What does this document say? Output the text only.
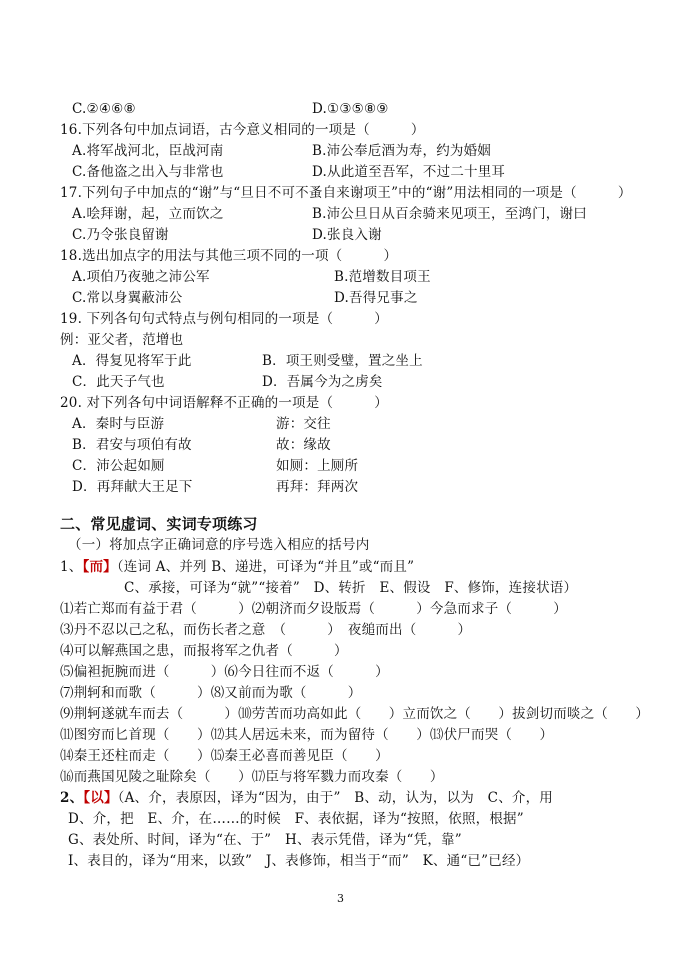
C.②④⑥⑧	D.①③⑤⑧⑨
16.下列各句中加点词语，古今意义相同的一项是（　　　）
A.将军战河北，臣战河南	B.沛公奉卮酒为寿，约为婚姻
C.备他盗之出入与非常也	D.从此道至吾军，不过二十里耳
17.下列句子中加点的“谢”与“旦日不可不蚤自来谢项王”中的“谢”用法相同的一项是（　　　）
A.哙拜谢，起，立而饮之	B.沛公旦日从百余骑来见项王，至鸿门，谢曰
C.乃令张良留谢	D.张良入谢
18.选出加点字的用法与其他三项不同的一项（　　　）
A.项伯乃夜驰之沛公军	B.范增数目项王
C.常以身翼蔽沛公	D.吾得兄事之
19. 下列各句句式特点与例句相同的一项是（　　　）
例：亚父者，范增也
A．得复见将军于此	B．项王则受璧，置之坐上
C．此天子气也	D．吾属今为之虏矣
20. 对下列各句中词语解释不正确的一项是（　　　）
A．秦时与臣游	游：交往
B．君安与项伯有故	故：缘故
C．沛公起如厕	如厕：上厕所
D．再拜献大王足下	再拜：拜两次
二、常见虚词、实词专项练习
（一）将加点字正确词意的序号选入相应的括号内
1、【而】（连词 A、并列 B、递进，可译为“并且”或“而且”
C、承接，可译为“就”“接着”　D、转折　E、假设　F、修饰，连接状语）
⑴若亡郑而有益于君（　　　）⑵朝济而夕设版焉（　　　）今急而求子（　　　）
⑶丹不忍以己之私，而伤长者之意　（　　　）　夜缒而出（　　　）
⑷可以解燕国之患，而报将军之仇者（　　　）
⑸偏袒扼腕而进（　　　）⑹今日往而不返（　　　）
⑺荆轲和而歌（　　　）⑻又前而为歌（　　　）
⑼荆轲遂就车而去（　　　）⑽劳苦而功高如此（　　）立而饮之（　　）拔剑切而啖之（　　）
⑾图穷而匕首现（　　）⑿其人居远未来，而为留待（　　）⒀伏尸而哭（　　）
⒁秦王还柱而走（　　）⒂秦王必喜而善见臣（　　）
⒃而燕国见陵之耻除矣（　　）⒄臣与将军戮力而攻秦（　　）
2、【以】（A、介，表原因，译为“因为，由于”　B、动，认为，以为　C、介，用
D、介，把　E、介，在……的时候　F、表依据，译为“按照，依照，根据”
G、表处所、时间，译为“在、于”　H、表示凭借，译为“凭，靠”
I、表目的，译为“用来，以致”　J、表修饰，相当于“而”　K、通“已”已经）
3
